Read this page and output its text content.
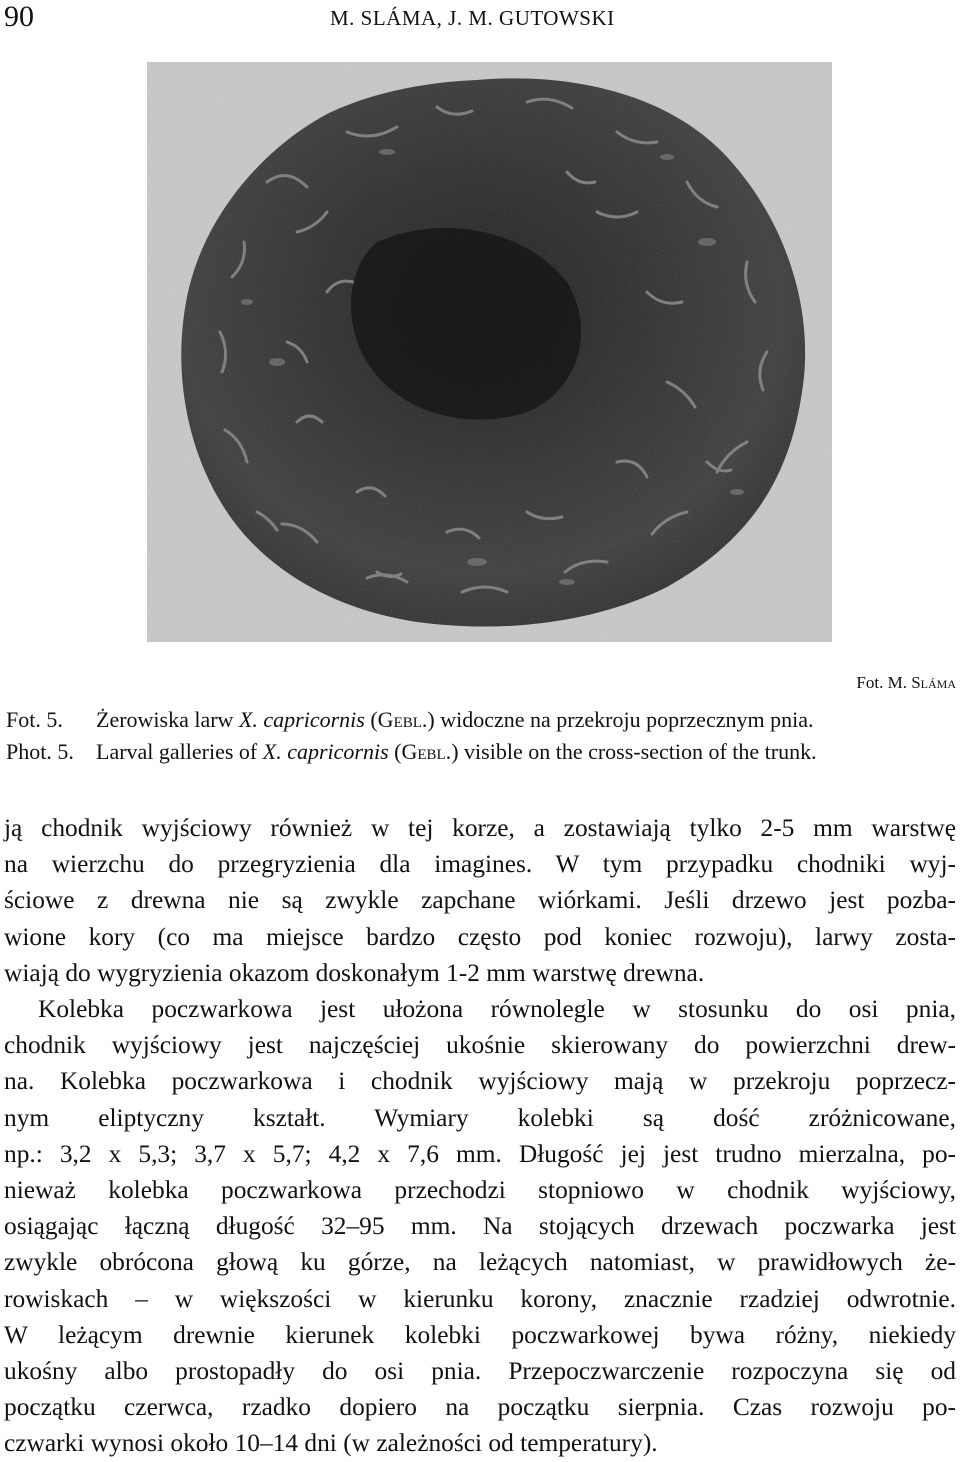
90	M. SLÁMA, J. M. GUTOWSKI
Fot. M. Sláma
Fot. 5. Żerowiska larw X. capricornis (Gebl.) widoczne na przekroju poprzecznym pnia.
Phot. 5. Larval galleries of X. capricornis (Gebl.) visible on the cross-section of the trunk.

ją chodnik wyjściowy również w tej korze, a zostawiają tylko 2-5 mm warstwę

na wierzchu do przegryzienia dla imagines. W tym przypadku chodniki wyj-

ściowe z drewna nie są zwykle zapchane wiórkami. Jeśli drzewo jest pozba-

wione kory (co ma miejsce bardzo często pod koniec rozwoju), larwy zosta-

wiają do wygryzienia okazom doskonałym 1-2 mm warstwę drewna.

Kolebka poczwarkowa jest ułożona równolegle w stosunku do osi pnia,

chodnik wyjściowy jest najczęściej ukośnie skierowany do powierzchni drew-

na. Kolebka poczwarkowa i chodnik wyjściowy mają w przekroju poprzecz-

nym eliptyczny kształt. Wymiary kolebki są dość zróżnicowane,

np.: 3,2 x 5,3; 3,7 x 5,7; 4,2 x 7,6 mm. Długość jej jest trudno mierzalna, po-

nieważ kolebka poczwarkowa przechodzi stopniowo w chodnik wyjściowy,

osiągając łączną długość 32–95 mm. Na stojących drzewach poczwarka jest

zwykle obrócona głową ku górze, na leżących natomiast, w prawidłowych że-

rowiskach – w większości w kierunku korony, znacznie rzadziej odwrotnie.

W leżącym drewnie kierunek kolebki poczwarkowej bywa różny, niekiedy

ukośny albo prostopadły do osi pnia. Przepoczwarczenie rozpoczyna się od

początku czerwca, rzadko dopiero na początku sierpnia. Czas rozwoju po-

czwarki wynosi około 10–14 dni (w zależności od temperatury).
